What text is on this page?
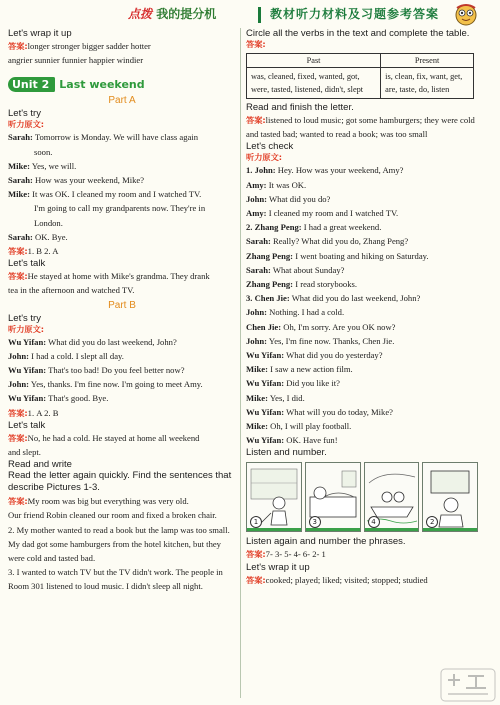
点拨 我的提分机	教材听力材料及习题参考答案
Let's wrap it up
答案:longer stronger bigger sadder hotter
angrier sunnier funnier happier windier
Unit 2 Last weekend
Part A
Let's try
听力原文:
Sarah: Tomorrow is Monday. We will have class again
soon.
Mike: Yes, we will.
Sarah: How was your weekend, Mike?
Mike: It was OK. I cleaned my room and I watched TV.
I'm going to call my grandparents now. They're in
London.
Sarah: OK. Bye.
答案:1. B 2. A
Let's talk
答案:He stayed at home with Mike's grandma. They drank
tea in the afternoon and watched TV.
Part B
Let's try
听力原文:
Wu Yifan: What did you do last weekend, John?
John: I had a cold. I slept all day.
Wu Yifan: That's too bad! Do you feel better now?
John: Yes, thanks. I'm fine now. I'm going to meet Amy.
Wu Yifan: That's good. Bye.
答案:1. A 2. B
Let's talk
答案:No, he had a cold. He stayed at home all weekend
and slept.
Read and write
Read the letter again quickly. Find the sentences that describe Pictures 1-3.
答案:My room was big but everything was very old.
Our friend Robin cleaned our room and fixed a broken chair.
2. My mother wanted to read a book but the lamp was too small. My dad got some hamburgers from the hotel kitchen, but they were cold and tasted bad.
3. I wanted to watch TV but the TV didn't work. The people in Room 301 listened to loud music. I didn't sleep all night.
Circle all the verbs in the text and complete the table.
答案:
Past	Present
was, cleaned, fixed, wanted, got, were, tasted, listened, didn't, slept	is, clean, fix, want, get, are, taste, do, listen
Read and finish the letter.
答案:listened to loud music; got some hamburgers; they were cold and tasted bad; wanted to read a book; was too small
Let's check
听力原文:
1. John: Hey. How was your weekend, Amy?
Amy: It was OK.
John: What did you do?
Amy: I cleaned my room and I watched TV.
2. Zhang Peng: I had a great weekend.
Sarah: Really? What did you do, Zhang Peng?
Zhang Peng: I went boating and hiking on Saturday.
Sarah: What about Sunday?
Zhang Peng: I read storybooks.
3. Chen Jie: What did you do last weekend, John?
John: Nothing. I had a cold.
Chen Jie: Oh, I'm sorry. Are you OK now?
John: Yes, I'm fine now. Thanks, Chen Jie.
Wu Yifan: What did you do yesterday?
Mike: I saw a new action film.
Wu Yifan: Did you like it?
Mike: Yes, I did.
Wu Yifan: What will you do today, Mike?
Mike: Oh, I will play football.
Wu Yifan: OK. Have fun!
Listen and number.
1	3	4	2
Listen again and number the phrases.
答案:7- 3- 5- 4- 6- 2- 1
Let's wrap it up
答案:cooked; played; liked; visited; stopped; studied
